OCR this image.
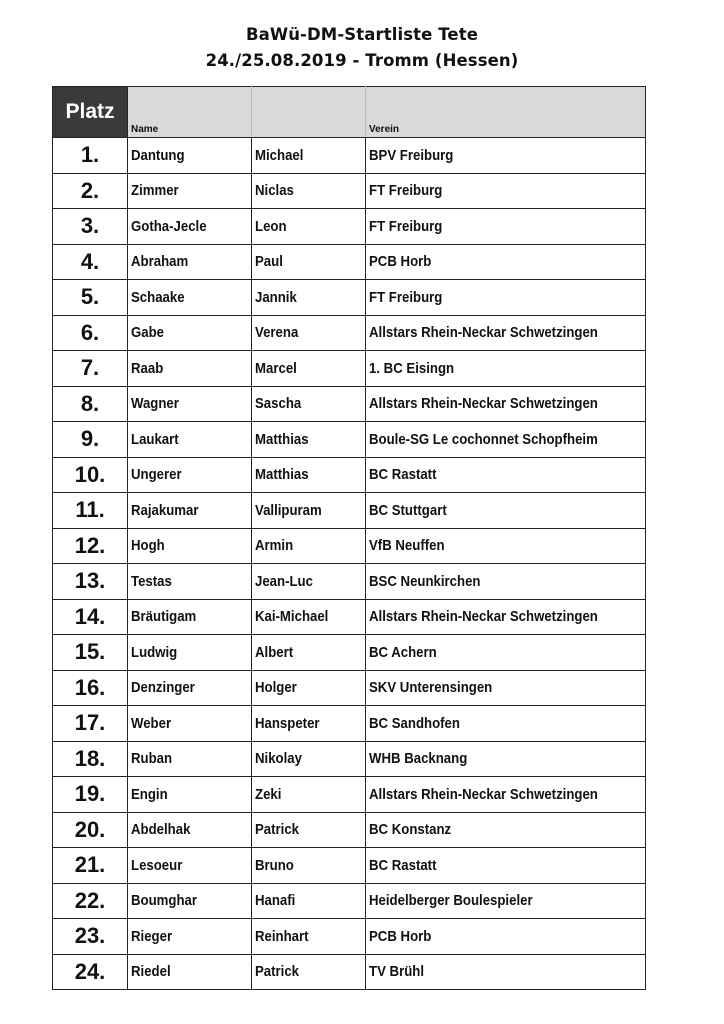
BaWü-DM-Startliste Tete
24./25.08.2019 - Tromm (Hessen)
Platz	Name		Verein
1.	Dantung	Michael	BPV Freiburg
2.	Zimmer	Niclas	FT Freiburg
3.	Gotha-Jecle	Leon	FT Freiburg
4.	Abraham	Paul	PCB Horb
5.	Schaake	Jannik	FT Freiburg
6.	Gabe	Verena	Allstars Rhein-Neckar Schwetzingen
7.	Raab	Marcel	1. BC Eisingn
8.	Wagner	Sascha	Allstars Rhein-Neckar Schwetzingen
9.	Laukart	Matthias	Boule-SG Le cochonnet Schopfheim
10.	Ungerer	Matthias	BC Rastatt
11.	Rajakumar	Vallipuram	BC Stuttgart
12.	Hogh	Armin	VfB Neuffen
13.	Testas	Jean-Luc	BSC Neunkirchen
14.	Bräutigam	Kai-Michael	Allstars Rhein-Neckar Schwetzingen
15.	Ludwig	Albert	BC Achern
16.	Denzinger	Holger	SKV Unterensingen
17.	Weber	Hanspeter	BC Sandhofen
18.	Ruban	Nikolay	WHB Backnang
19.	Engin	Zeki	Allstars Rhein-Neckar Schwetzingen
20.	Abdelhak	Patrick	BC Konstanz
21.	Lesoeur	Bruno	BC Rastatt
22.	Boumghar	Hanafi	Heidelberger Boulespieler
23.	Rieger	Reinhart	PCB Horb
24.	Riedel	Patrick	TV Brühl
